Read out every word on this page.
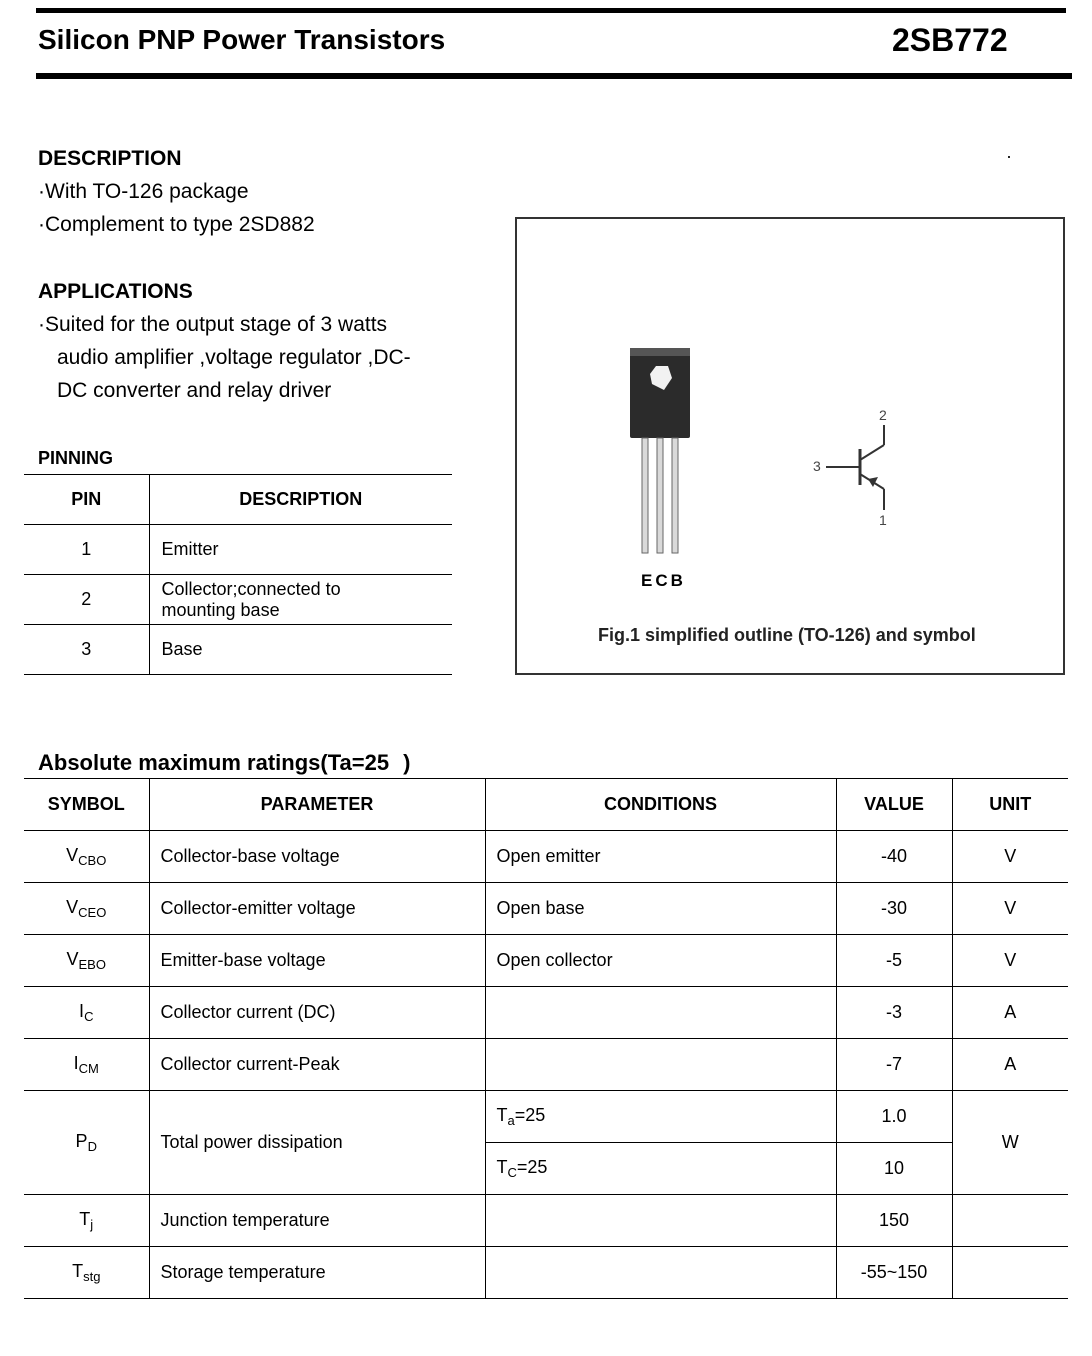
Silicon PNP Power Transistors	2SB772
·
DESCRIPTION
·With TO-126 package
·Complement to type 2SD882
APPLICATIONS
·Suited for the output stage of 3 watts
audio amplifier ,voltage regulator ,DC-
DC converter and relay driver
PINNING
PIN	DESCRIPTION
1	Emitter
2	Collector;connected to
mounting base

3	Base
ECB
2
3
1
Fig.1 simplified outline (TO-126) and symbol
Absolute maximum ratings(Ta=25 )
SYMBOL	PARAMETER	CONDITIONS	VALUE	UNIT
$V_{CBO}$	Collector-base voltage	Open emitter	-40	V
$V_{CEO}$	Collector-emitter voltage	Open base	-30	V
$V_{EBO}$	Emitter-base voltage	Open collector	-5	V
$I_C$	Collector current (DC)		-3	A
$I_{CM}$	Collector current-Peak		-7	A
$P_D$	Total power dissipation	$T_a=25$	1.0	W
		$T_C=25$	10	
$T_j$	Junction temperature		150	
$T_{stg}$	Storage temperature		-55~150	
